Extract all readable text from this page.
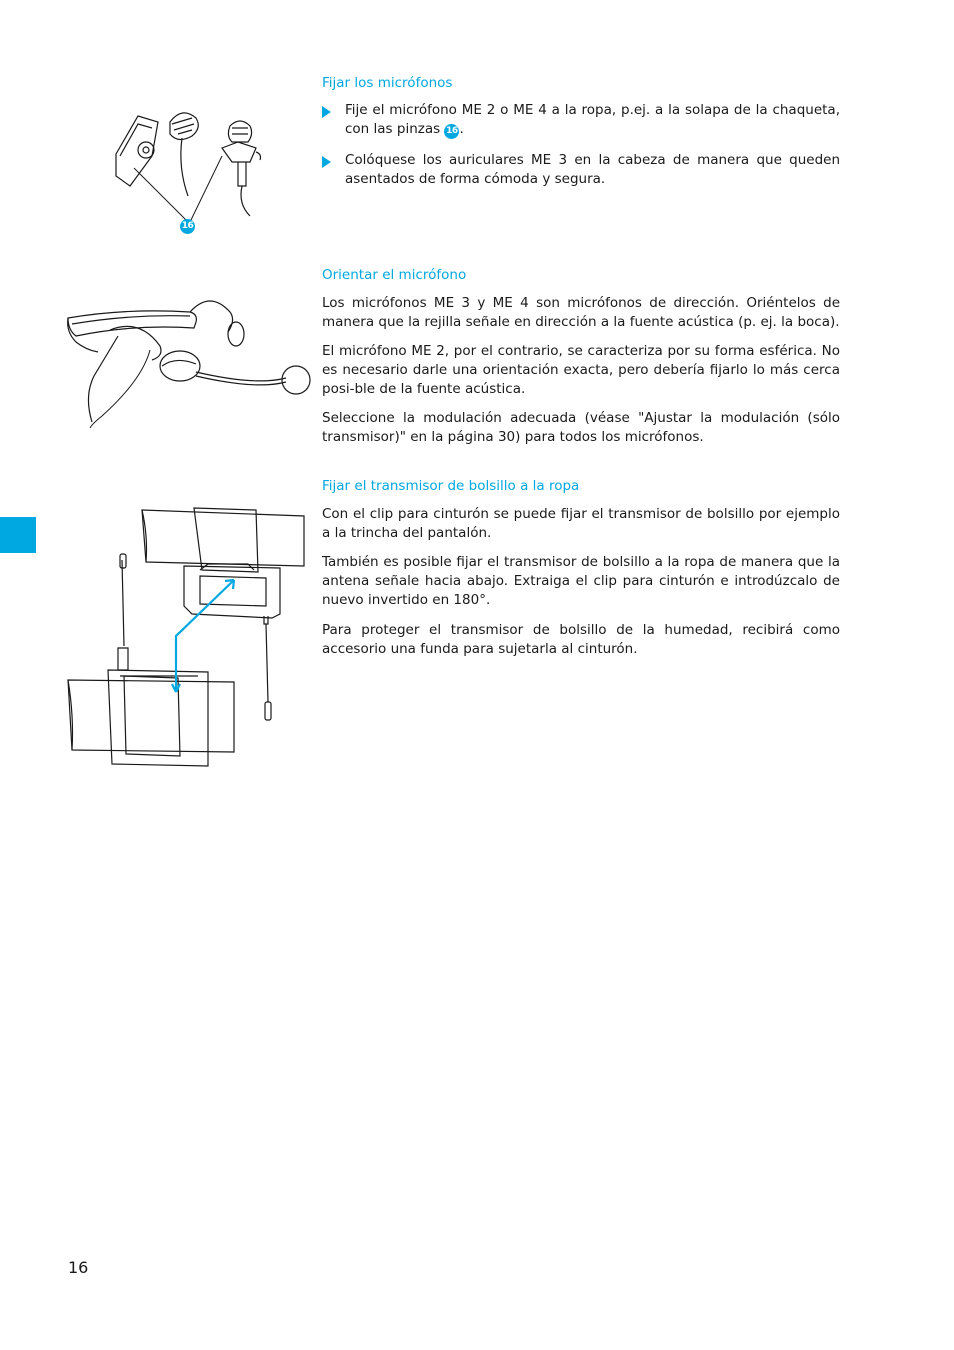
16
Fijar los micrófonos

Fije el micrófono ME 2 o ME 4 a la ropa, p.ej. a la solapa de la chaqueta, con las pinzas 16 .

Colóquese los auriculares ME 3 en la cabeza de manera que queden asentados de forma cómoda y segura.

Orientar el micrófono

Los micrófonos ME 3 y ME 4 son micrófonos de dirección. Oriéntelos de manera que la rejilla señale en dirección a la fuente acústica (p. ej. la boca).

El micrófono ME 2, por el contrario, se caracteriza por su forma esférica. No es necesario darle una orientación exacta, pero debería fijarlo lo más cerca posi-ble de la fuente acústica.

Seleccione la modulación adecuada (véase "Ajustar la modulación (sólo transmisor)" en la página 30) para todos los micrófonos.

Fijar el transmisor de bolsillo a la ropa

Con el clip para cinturón se puede fijar el transmisor de bolsillo por ejemplo a la trincha del pantalón.

También es posible fijar el transmisor de bolsillo a la ropa de manera que la antena señale hacia abajo. Extraiga el clip para cinturón e introdúzcalo de nuevo invertido en 180°.

Para proteger el transmisor de bolsillo de la humedad, recibirá como accesorio una funda para sujetarla al cinturón.

16
